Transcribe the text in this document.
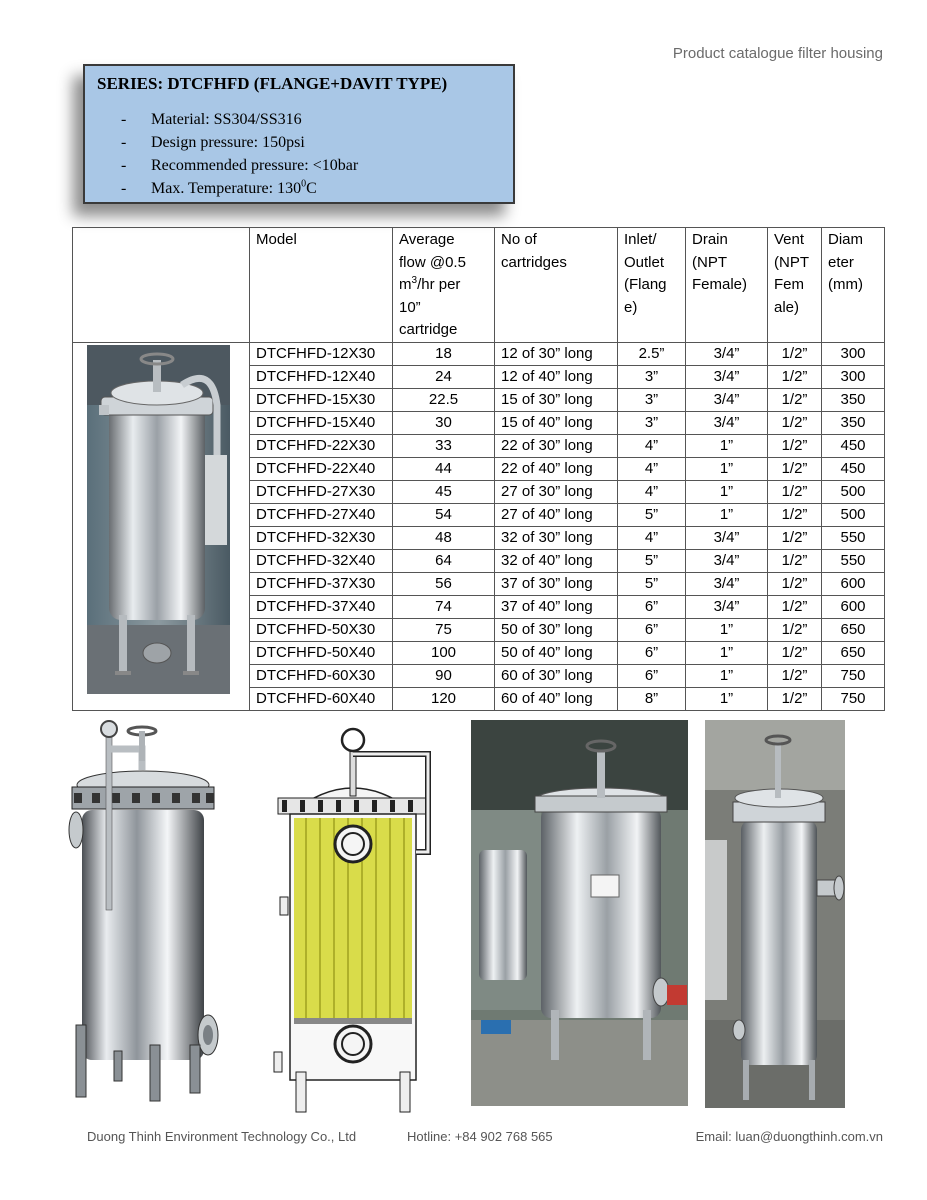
Product catalogue filter housing
SERIES: DTCFHFD (FLANGE+DAVIT TYPE)
- Material: SS304/SS316
- Design pressure: 150psi
- Recommended pressure: <10bar
- Max. Temperature: $130^0C$
	Model	Average
flow @0.5
$m^3/hr$ per
10”
cartridge	No of
cartridges	Inlet/
Outlet
(Flang
e)	Drain
(NPT
Female)	Vent
(NPT
Fem
ale)	Diam
eter
(mm)
	DTCFHFD-12X30	18	12 of 30” long	2.5”	3/4”	1/2”	300
	DTCFHFD-12X40	24	12 of 40” long	3”	3/4”	1/2”	300
	DTCFHFD-15X30	22.5	15 of 30” long	3”	3/4”	1/2”	350
	DTCFHFD-15X40	30	15 of 40” long	3”	3/4”	1/2”	350
	DTCFHFD-22X30	33	22 of 30” long	4”	1”	1/2”	450
	DTCFHFD-22X40	44	22 of 40” long	4”	1”	1/2”	450
	DTCFHFD-27X30	45	27 of 30” long	4”	1”	1/2”	500
	DTCFHFD-27X40	54	27 of 40” long	5”	1”	1/2”	500
	DTCFHFD-32X30	48	32 of 30” long	4”	3/4”	1/2”	550
	DTCFHFD-32X40	64	32 of 40” long	5”	3/4”	1/2”	550
	DTCFHFD-37X30	56	37 of 30” long	5”	3/4”	1/2”	600
	DTCFHFD-37X40	74	37 of 40” long	6”	3/4”	1/2”	600
	DTCFHFD-50X30	75	50 of 30” long	6”	1”	1/2”	650
	DTCFHFD-50X40	100	50 of 40” long	6”	1”	1/2”	650
	DTCFHFD-60X30	90	60 of 30” long	6”	1”	1/2”	750
	DTCFHFD-60X40	120	60 of 40” long	8”	1”	1/2”	750
Duong Thinh Environment Technology Co., Ltd	Hotline: +84 902 768 565	Email: luan@duongthinh.com.vn
